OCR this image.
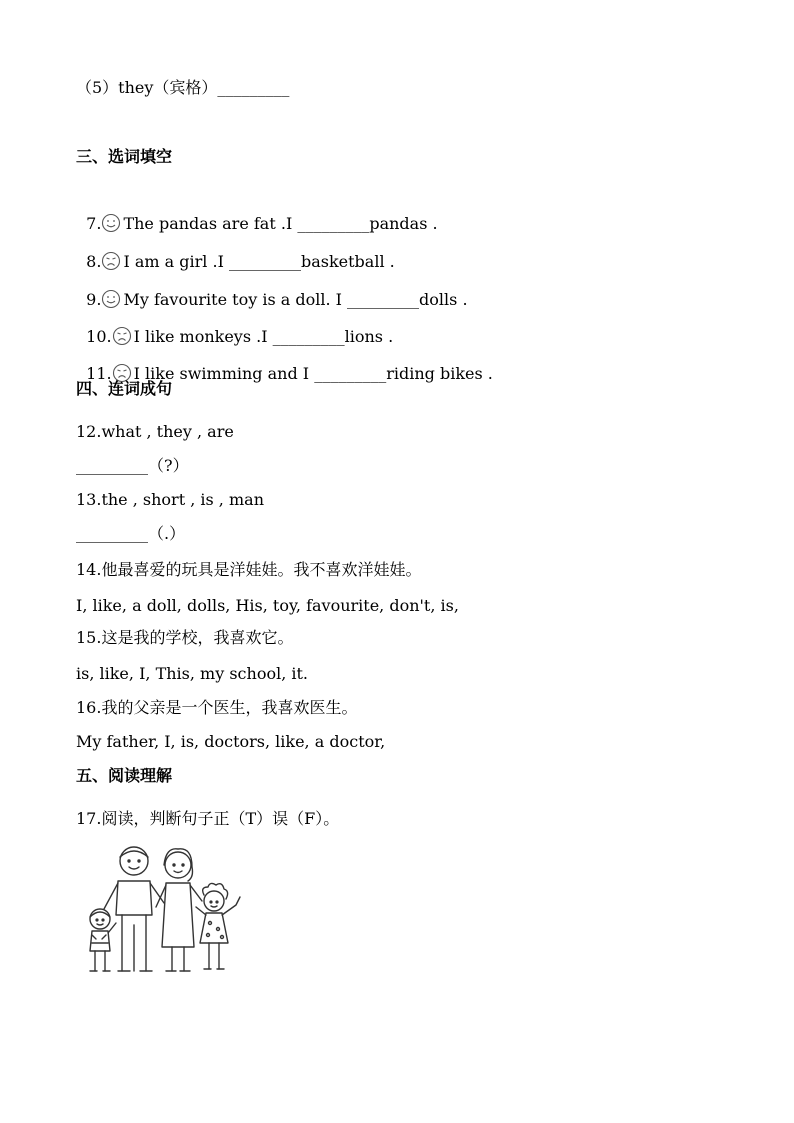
（5）they（宾格）_________
三、选词填空

7. The pandas are fat .I _________pandas .

8. I am a girl .I _________basketball .

9. My favourite toy is a doll. I _________dolls .

10. I like monkeys .I _________lions .

11. I like swimming and I _________riding bikes .

四、连词成句
12.what , they , are
_________（?）
13.the , short , is , man
_________（.）
14.他最喜爱的玩具是洋娃娃。我不喜欢洋娃娃。
I, like, a doll, dolls, His, toy, favourite, don't, is,
15.这是我的学校，我喜欢它。
is, like, I, This, my school, it.
16.我的父亲是一个医生，我喜欢医生。
My father, I, is, doctors, like, a doctor,
五、阅读理解
17.阅读，判断句子正（T）误（F）。
